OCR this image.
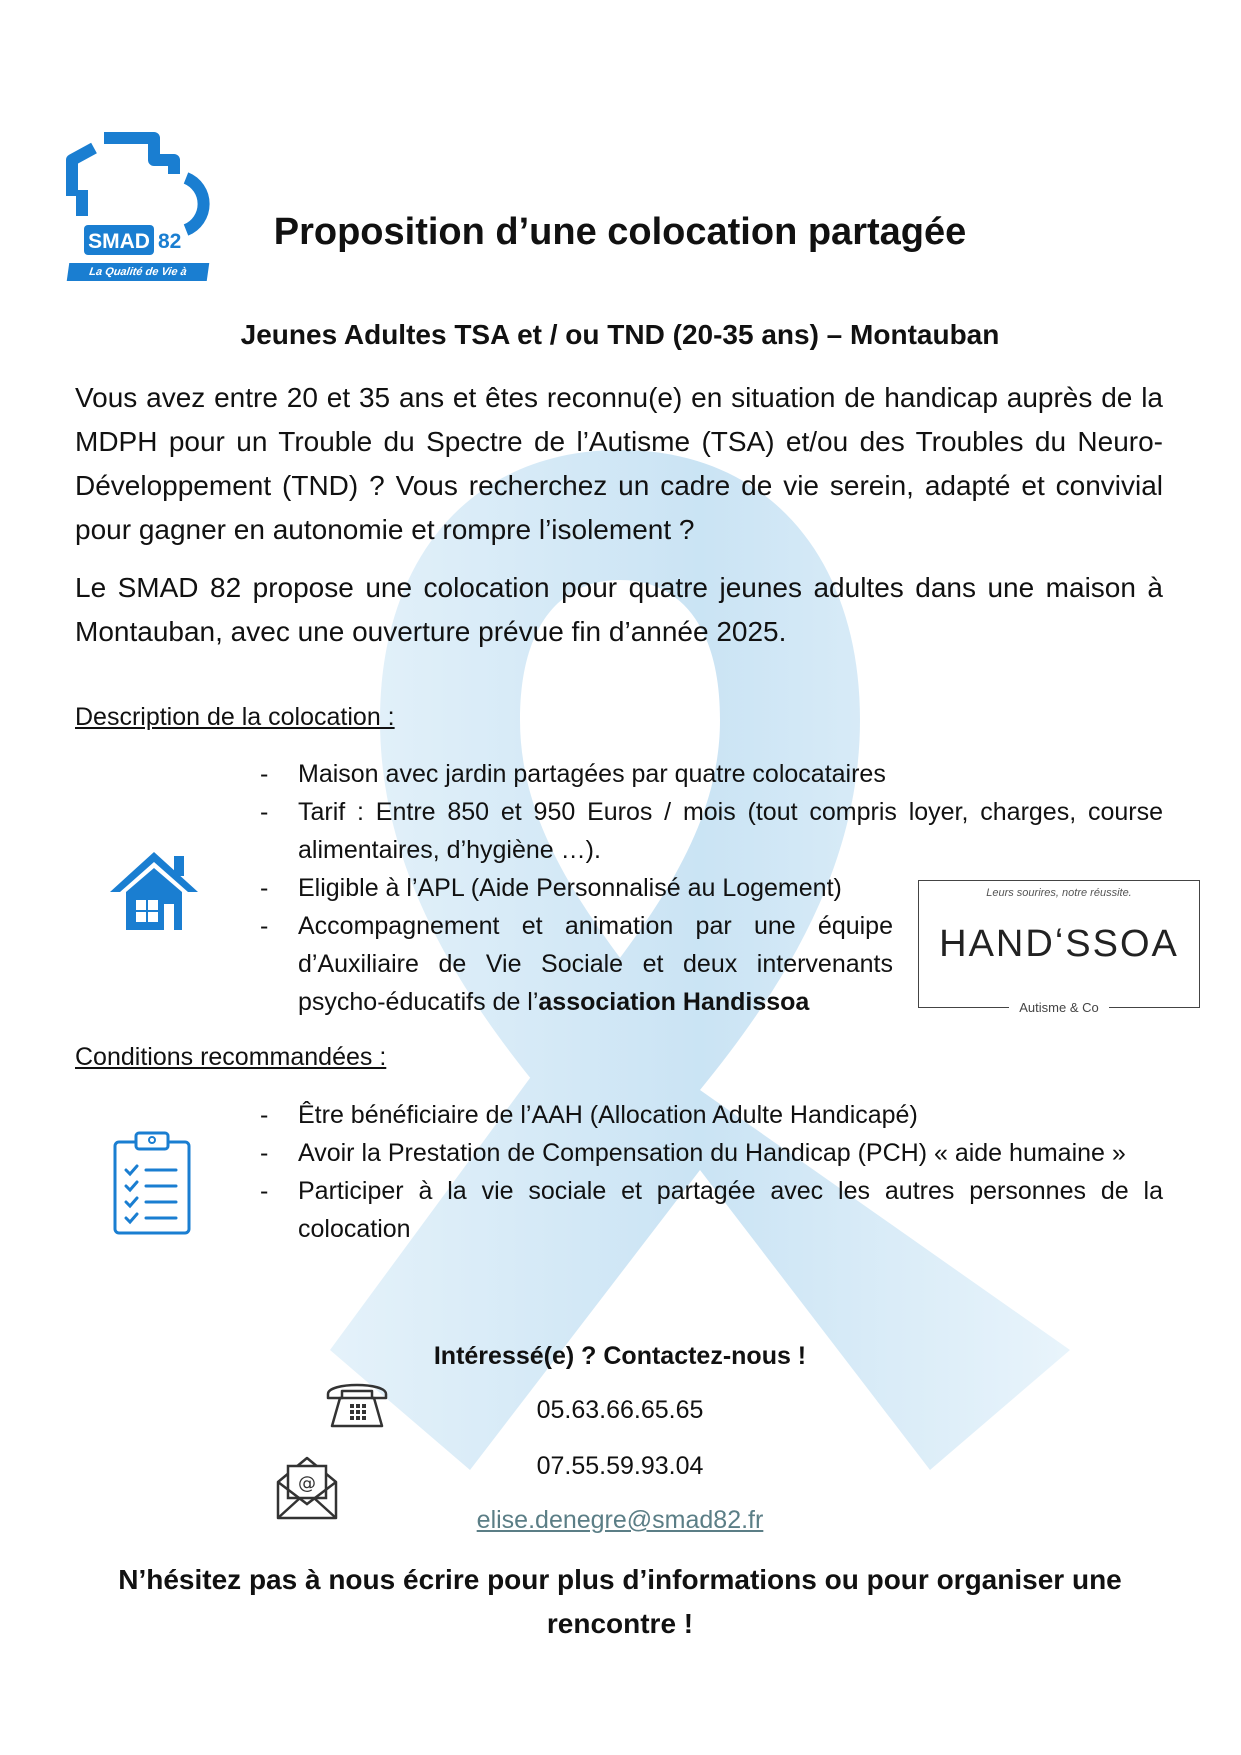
SMAD 82
La Qualité de Vie à domicile
Proposition d’une colocation partagée
Jeunes Adultes TSA et / ou TND (20-35 ans) – Montauban

Vous avez entre 20 et 35 ans et êtes reconnu(e) en situation de handicap auprès de la MDPH pour un Trouble du Spectre de l’Autisme (TSA) et/ou des Troubles du Neuro- Développement (TND) ? Vous recherchez un cadre de vie serein, adapté et convivial pour gagner en autonomie et rompre l’isolement ?

Le SMAD 82 propose une colocation pour quatre jeunes adultes dans une maison à Montauban, avec une ouverture prévue fin d’année 2025.

Description de la colocation :
- Maison avec jardin partagées par quatre colocataires
- Tarif : Entre 850 et 950 Euros / mois (tout compris loyer, charges, course alimentaires, d’hygiène …).
- Eligible à l’APL (Aide Personnalisé au Logement)
- Accompagnement et animation par une équipe d’Auxiliaire de Vie Sociale et deux intervenants psycho-éducatifs de l’association Handissoa
Leurs sourires, notre réussite.
HANDʻSSOA
Autisme & Co
Conditions recommandées :
- Être bénéficiaire de l’AAH (Allocation Adulte Handicapé)
- Avoir la Prestation de Compensation du Handicap (PCH) « aide humaine »
- Participer à la vie sociale et partagée avec les autres personnes de la colocation
Intéressé(e) ? Contactez-nous !
05.63.66.65.65
@
07.55.59.93.04
elise.denegre@smad82.fr
N’hésitez pas à nous écrire pour plus d’informations ou pour organiser une rencontre !
